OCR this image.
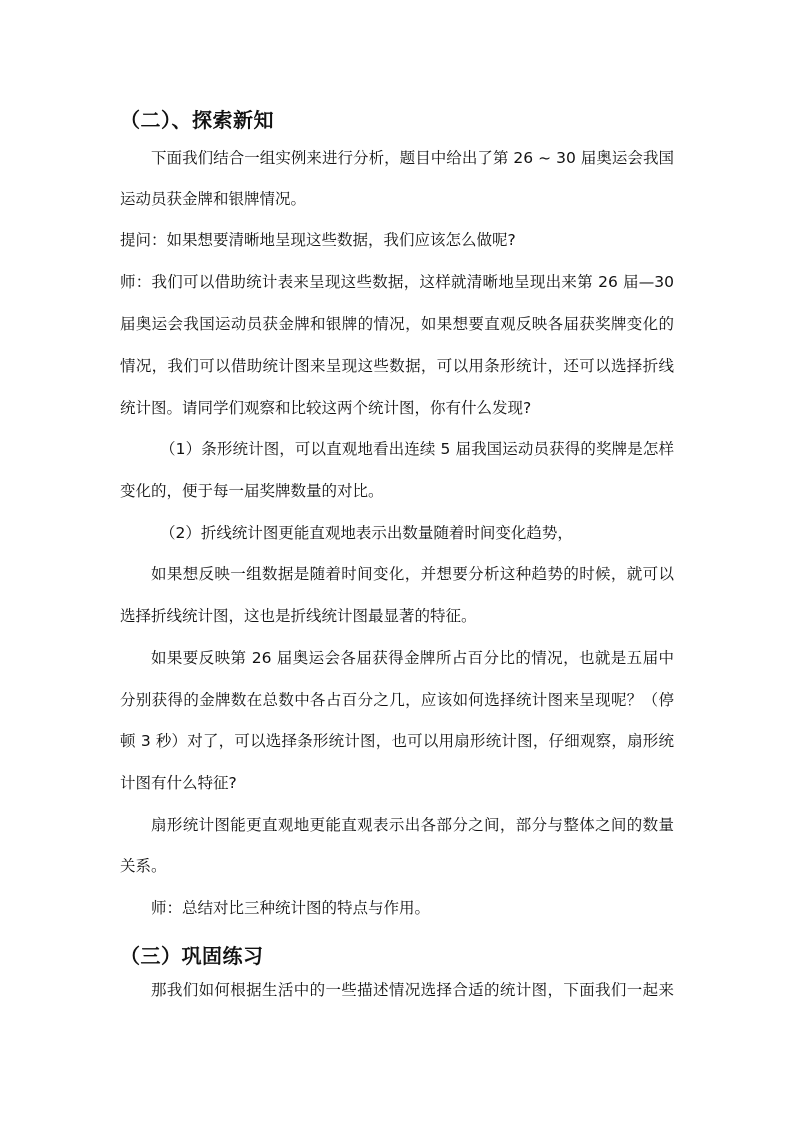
（二）、探索新知
下面我们结合一组实例来进行分析，题目中给出了第 26 ~ 30 届奥运会我国
运动员获金牌和银牌情况。
提问：如果想要清晰地呈现这些数据，我们应该怎么做呢?
师：我们可以借助统计表来呈现这些数据，这样就清晰地呈现出来第 26 届—30
届奥运会我国运动员获金牌和银牌的情况，如果想要直观反映各届获奖牌变化的
情况，我们可以借助统计图来呈现这些数据，可以用条形统计，还可以选择折线
统计图。请同学们观察和比较这两个统计图，你有什么发现?
（1）条形统计图，可以直观地看出连续 5 届我国运动员获得的奖牌是怎样
变化的，便于每一届奖牌数量的对比。
（2）折线统计图更能直观地表示出数量随着时间变化趋势，
如果想反映一组数据是随着时间变化，并想要分析这种趋势的时候，就可以
选择折线统计图，这也是折线统计图最显著的特征。
如果要反映第 26 届奥运会各届获得金牌所占百分比的情况，也就是五届中
分别获得的金牌数在总数中各占百分之几，应该如何选择统计图来呈现呢？（停
顿 3 秒）对了，可以选择条形统计图，也可以用扇形统计图，仔细观察，扇形统
计图有什么特征?
扇形统计图能更直观地更能直观表示出各部分之间，部分与整体之间的数量
关系。
师：总结对比三种统计图的特点与作用。
（三）巩固练习
那我们如何根据生活中的一些描述情况选择合适的统计图，下面我们一起来
